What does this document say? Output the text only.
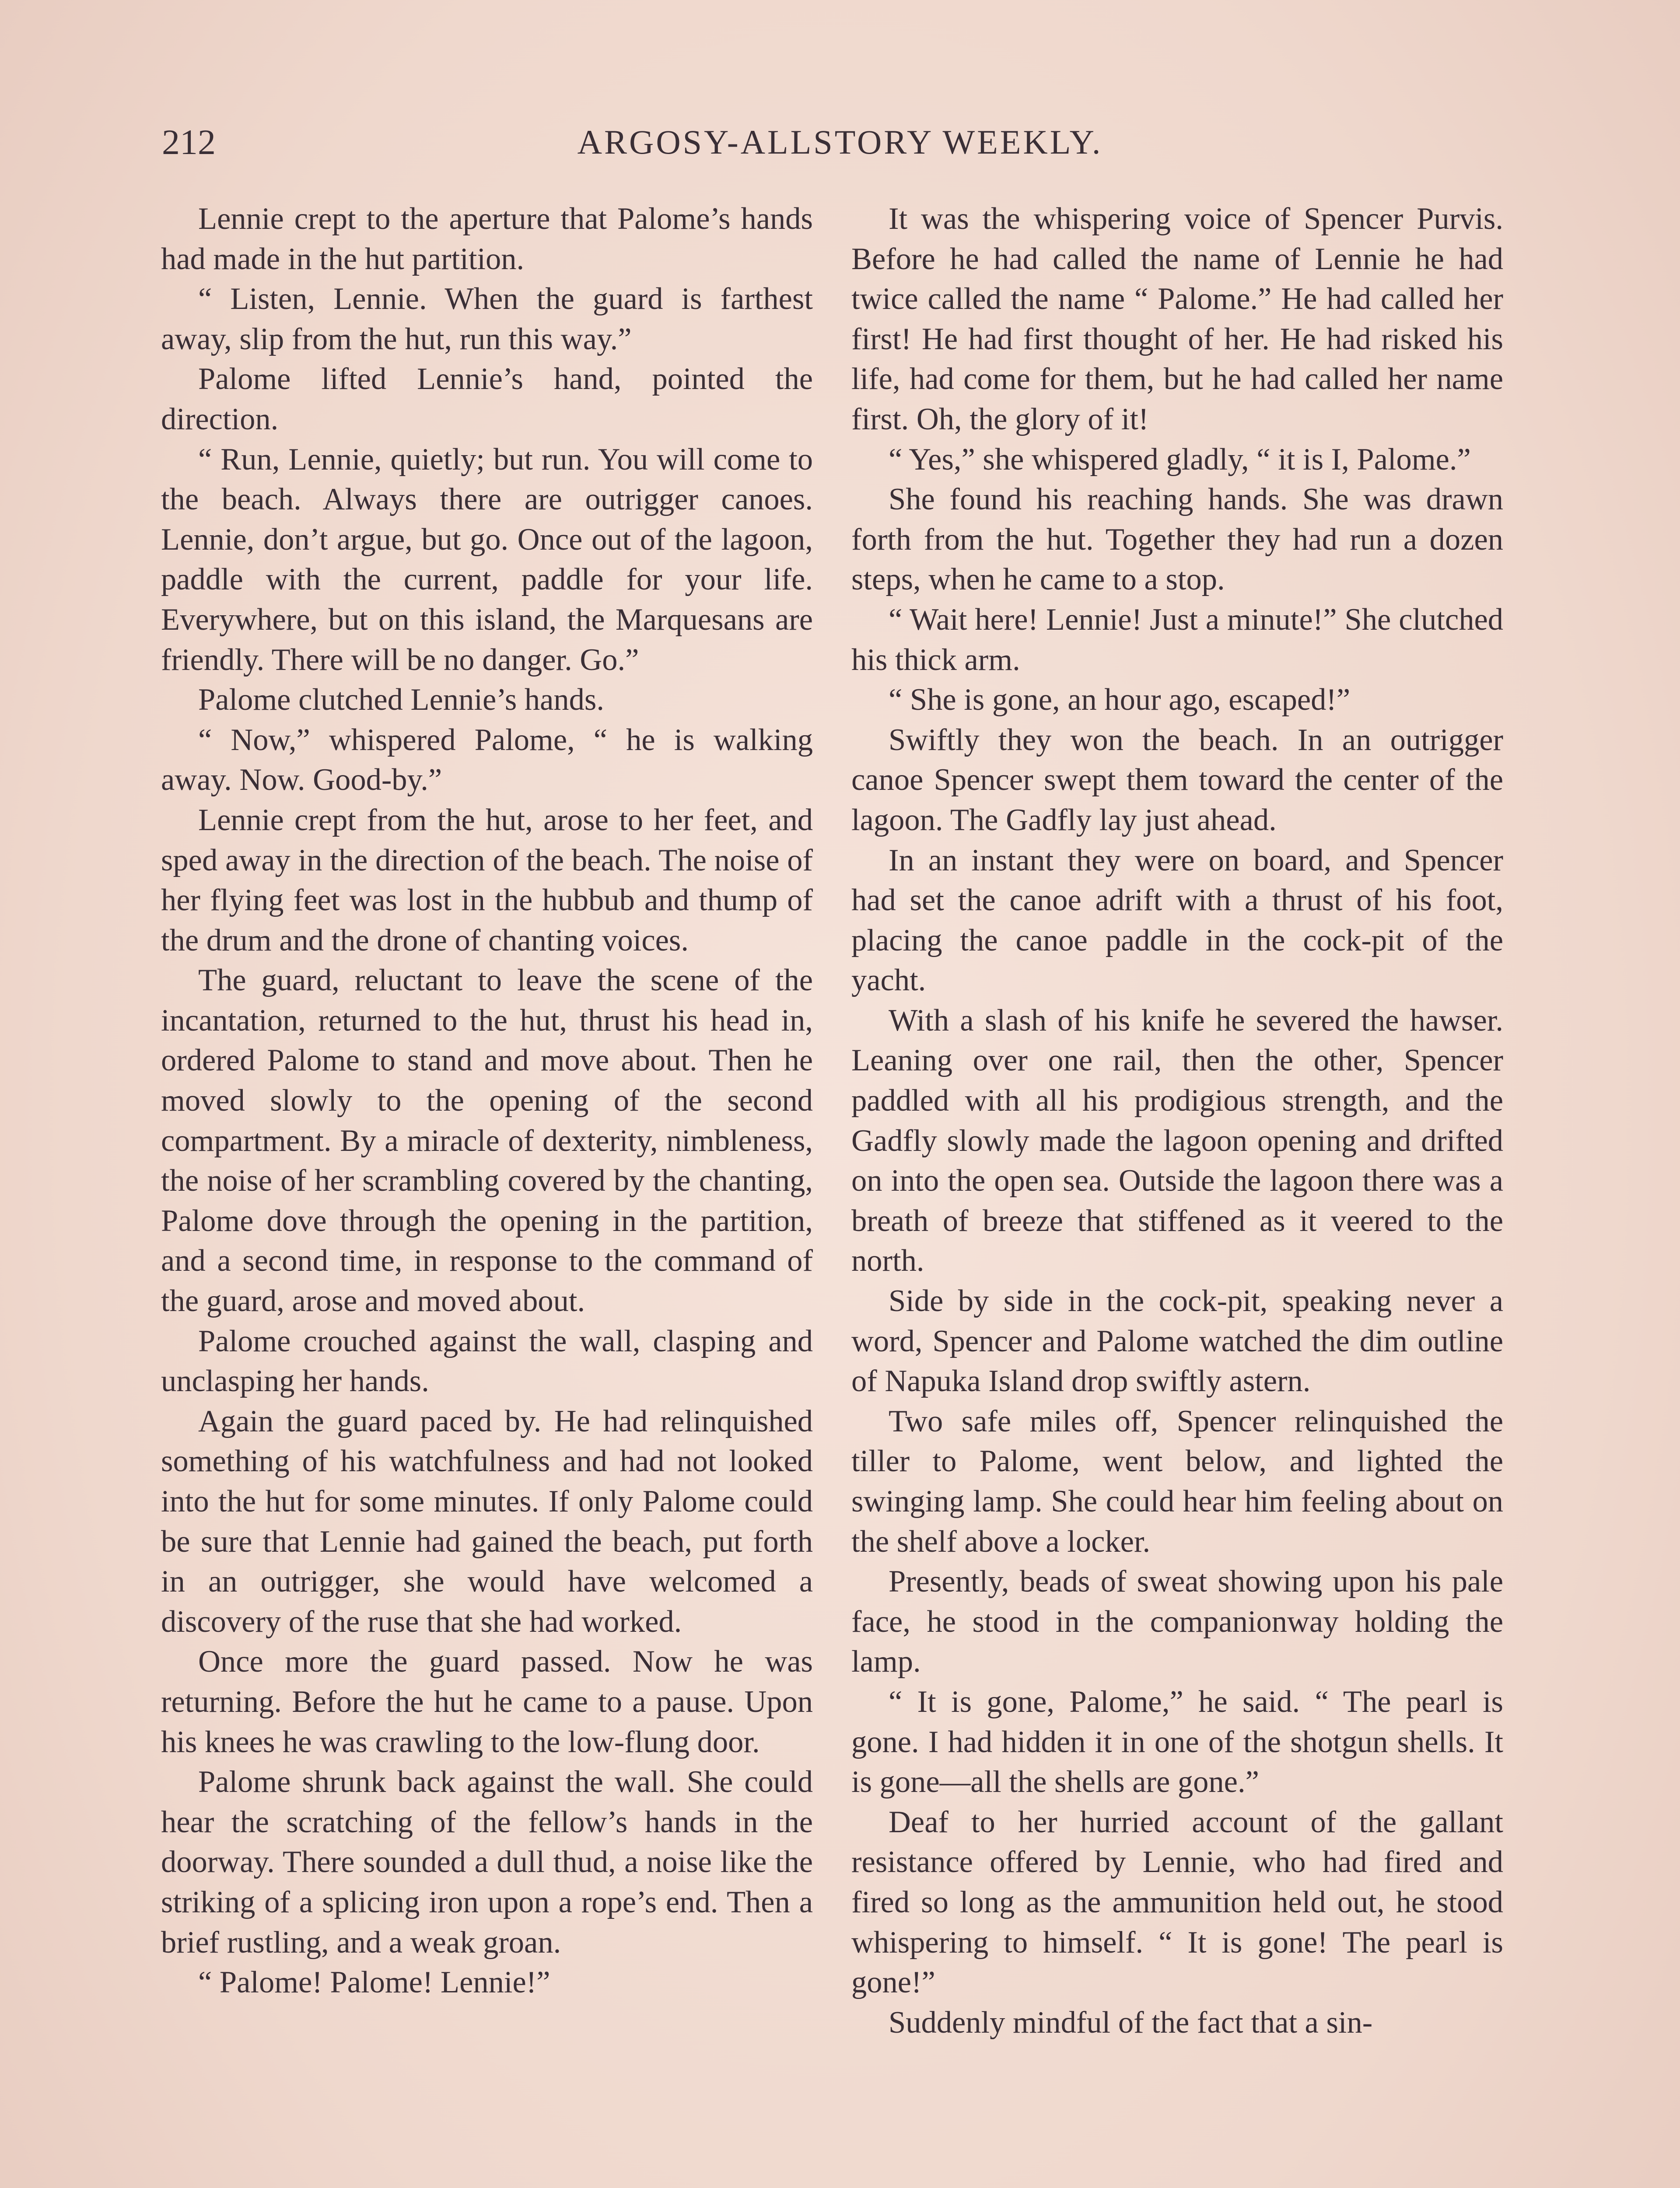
212	ARGOSY-ALLSTORY WEEKLY.

Lennie crept to the aperture that Palome’s hands had made in the hut partition.

“ Listen, Lennie. When the guard is farthest away, slip from the hut, run this way.”

Palome lifted Lennie’s hand, pointed the direction.

“ Run, Lennie, quietly; but run. You will come to the beach. Always there are outrigger canoes. Lennie, don’t argue, but go. Once out of the lagoon, paddle with the current, paddle for your life. Everywhere, but on this island, the Marquesans are friendly. There will be no danger. Go.”

Palome clutched Lennie’s hands.

“ Now,” whispered Palome, “ he is walking away. Now. Good-by.”

Lennie crept from the hut, arose to her feet, and sped away in the direction of the beach. The noise of her flying feet was lost in the hubbub and thump of the drum and the drone of chanting voices.

The guard, reluctant to leave the scene of the incantation, returned to the hut, thrust his head in, ordered Palome to stand and move about. Then he moved slowly to the opening of the second compartment. By a miracle of dexterity, nimbleness, the noise of her scrambling covered by the chanting, Palome dove through the opening in the partition, and a second time, in response to the command of the guard, arose and moved about.

Palome crouched against the wall, clasping and unclasping her hands.

Again the guard paced by. He had relinquished something of his watchfulness and had not looked into the hut for some minutes. If only Palome could be sure that Lennie had gained the beach, put forth in an outrigger, she would have welcomed a discovery of the ruse that she had worked.

Once more the guard passed. Now he was returning. Before the hut he came to a pause. Upon his knees he was crawling to the low-flung door.

Palome shrunk back against the wall. She could hear the scratching of the fellow’s hands in the doorway. There sounded a dull thud, a noise like the striking of a splicing iron upon a rope’s end. Then a brief rustling, and a weak groan.

“ Palome! Palome! Lennie!”

It was the whispering voice of Spencer Purvis. Before he had called the name of Lennie he had twice called the name “ Palome.” He had called her first! He had first thought of her. He had risked his life, had come for them, but he had called her name first. Oh, the glory of it!

“ Yes,” she whispered gladly, “ it is I, Palome.”

She found his reaching hands. She was drawn forth from the hut. Together they had run a dozen steps, when he came to a stop.

“ Wait here! Lennie! Just a minute!” She clutched his thick arm.

“ She is gone, an hour ago, escaped!”

Swiftly they won the beach. In an outrigger canoe Spencer swept them toward the center of the lagoon. The Gadfly lay just ahead.

In an instant they were on board, and Spencer had set the canoe adrift with a thrust of his foot, placing the canoe paddle in the cock-pit of the yacht.

With a slash of his knife he severed the hawser. Leaning over one rail, then the other, Spencer paddled with all his prodigious strength, and the Gadfly slowly made the lagoon opening and drifted on into the open sea. Outside the lagoon there was a breath of breeze that stiffened as it veered to the north.

Side by side in the cock-pit, speaking never a word, Spencer and Palome watched the dim outline of Napuka Island drop swiftly astern.

Two safe miles off, Spencer relinquished the tiller to Palome, went below, and lighted the swinging lamp. She could hear him feeling about on the shelf above a locker.

Presently, beads of sweat showing upon his pale face, he stood in the companionway holding the lamp.

“ It is gone, Palome,” he said. “ The pearl is gone. I had hidden it in one of the shotgun shells. It is gone—all the shells are gone.”

Deaf to her hurried account of the gallant resistance offered by Lennie, who had fired and fired so long as the ammunition held out, he stood whispering to himself. “ It is gone! The pearl is gone!”

Suddenly mindful of the fact that a sin-
